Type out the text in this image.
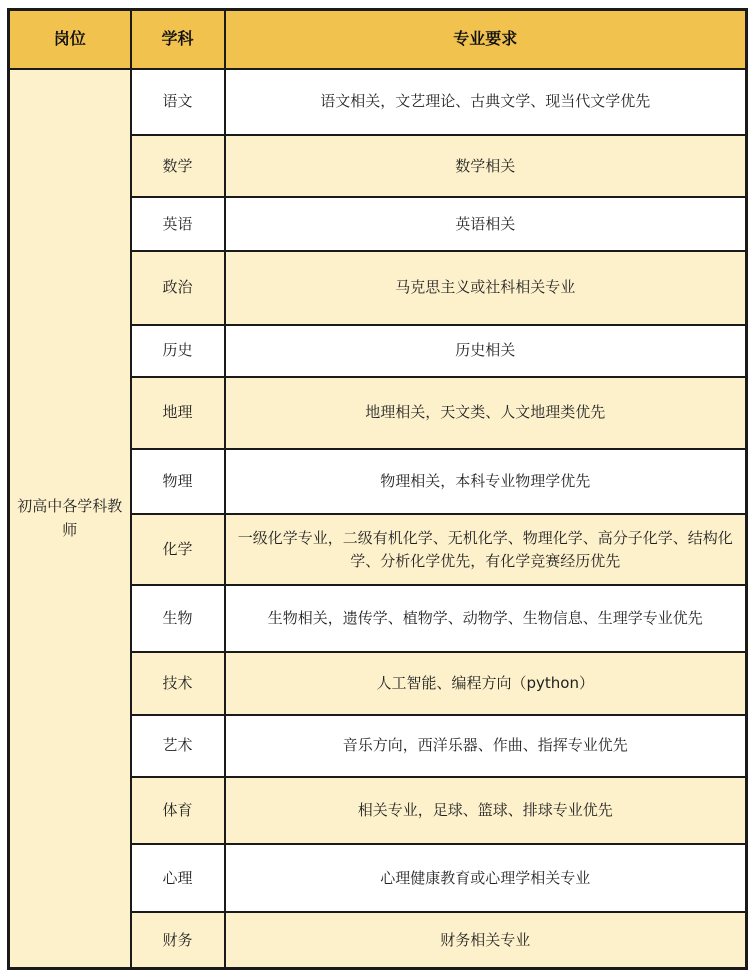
岗位	学科	专业要求
初高中各学科教师	语文	语文相关，文艺理论、古典文学、现当代文学优先
	数学	数学相关
	英语	英语相关
	政治	马克思主义或社科相关专业
	历史	历史相关
	地理	地理相关，天文类、人文地理类优先
	物理	物理相关，本科专业物理学优先
	化学	一级化学专业，二级有机化学、无机化学、物理化学、高分子化学、结构化学、分析化学优先，有化学竞赛经历优先
	生物	生物相关，遗传学、植物学、动物学、生物信息、生理学专业优先
	技术	人工智能、编程方向（python）
	艺术	音乐方向，西洋乐器、作曲、指挥专业优先
	体育	相关专业，足球、篮球、排球专业优先
	心理	心理健康教育或心理学相关专业
	财务	财务相关专业
